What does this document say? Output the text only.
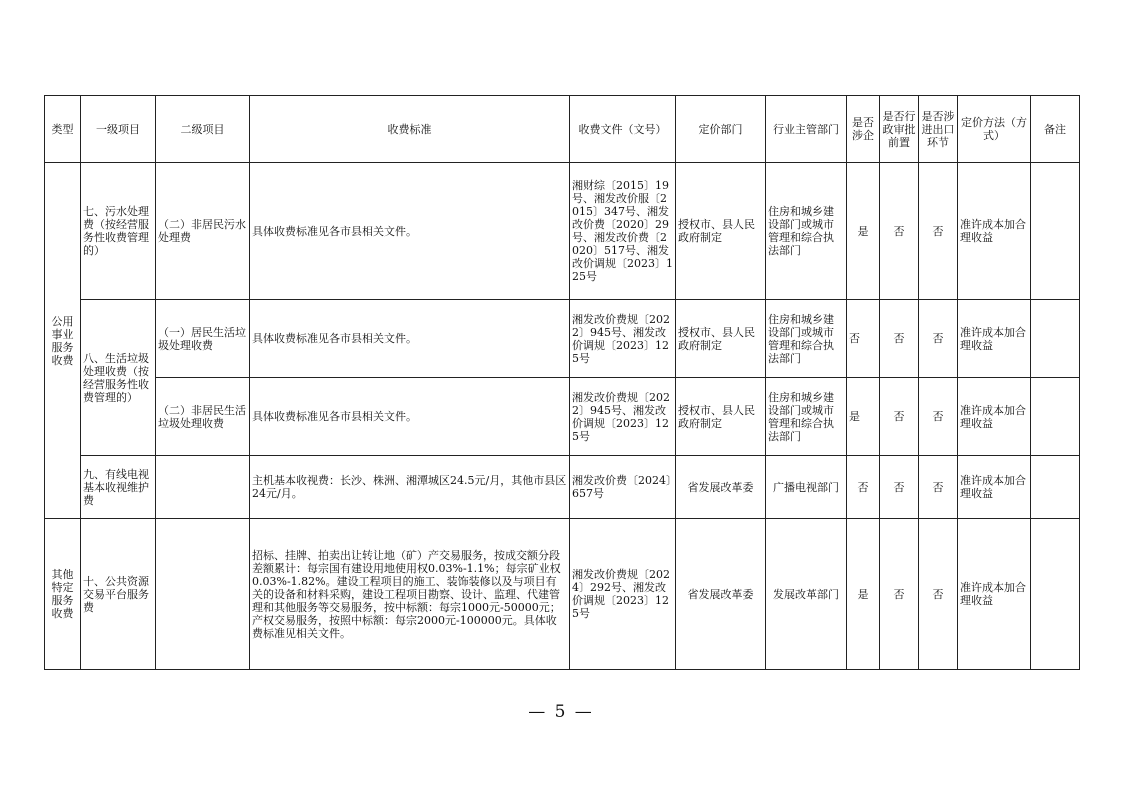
类型	一级项目	二级项目	收费标准	收费文件（文号）	定价部门	行业主管部门	是否涉企	是否行政审批前置	是否涉进出口环节	定价方法（方式）	备注
公用事业服务收费	七、污水处理费（按经营服务性收费管理的）	（二）非居民污水处理费	具体收费标准见各市县相关文件。	湘财综〔2015〕19号、湘发改价服〔2015〕347号、湘发改价费〔2020〕29号、湘发改价费〔2020〕517号、湘发改价调规〔2023〕125号	授权市、县人民政府制定	住房和城乡建设部门或城市管理和综合执法部门	是	否	否	准许成本加合理收益	
	八、生活垃圾处理收费（按经营服务性收费管理的）	（一）居民生活垃圾处理收费	具体收费标准见各市县相关文件。	湘发改价费规〔2022〕945号、湘发改价调规〔2023〕125号	授权市、县人民政府制定	住房和城乡建设部门或城市管理和综合执法部门	否	否	否	准许成本加合理收益	
		（二）非居民生活垃圾处理收费	具体收费标准见各市县相关文件。	湘发改价费规〔2022〕945号、湘发改价调规〔2023〕125号	授权市、县人民政府制定	住房和城乡建设部门或城市管理和综合执法部门	是	否	否	准许成本加合理收益	
	九、有线电视基本收视维护费		主机基本收视费：长沙、株洲、湘潭城区24.5元/月，其他市县区24元/月。	湘发改价费〔2024〕657号	省发展改革委	广播电视部门	否	否	否	准许成本加合理收益	
其他特定服务收费	十、公共资源交易平台服务费		招标、挂牌、拍卖出让转让地（矿）产交易服务，按成交额分段差额累计：每宗国有建设用地使用权0.03%-1.1%；每宗矿业权0.03%-1.82%。建设工程项目的施工、装饰装修以及与项目有关的设备和材料采购，建设工程项目勘察、设计、监理、代建管理和其他服务等交易服务，按中标额：每宗1000元-50000元；产权交易服务，按照中标额：每宗2000元-100000元。具体收费标准见相关文件。	湘发改价费规〔2024〕292号、湘发改价调规〔2023〕125号	省发展改革委	发展改革部门	是	否	否	准许成本加合理收益	
— 5 —
